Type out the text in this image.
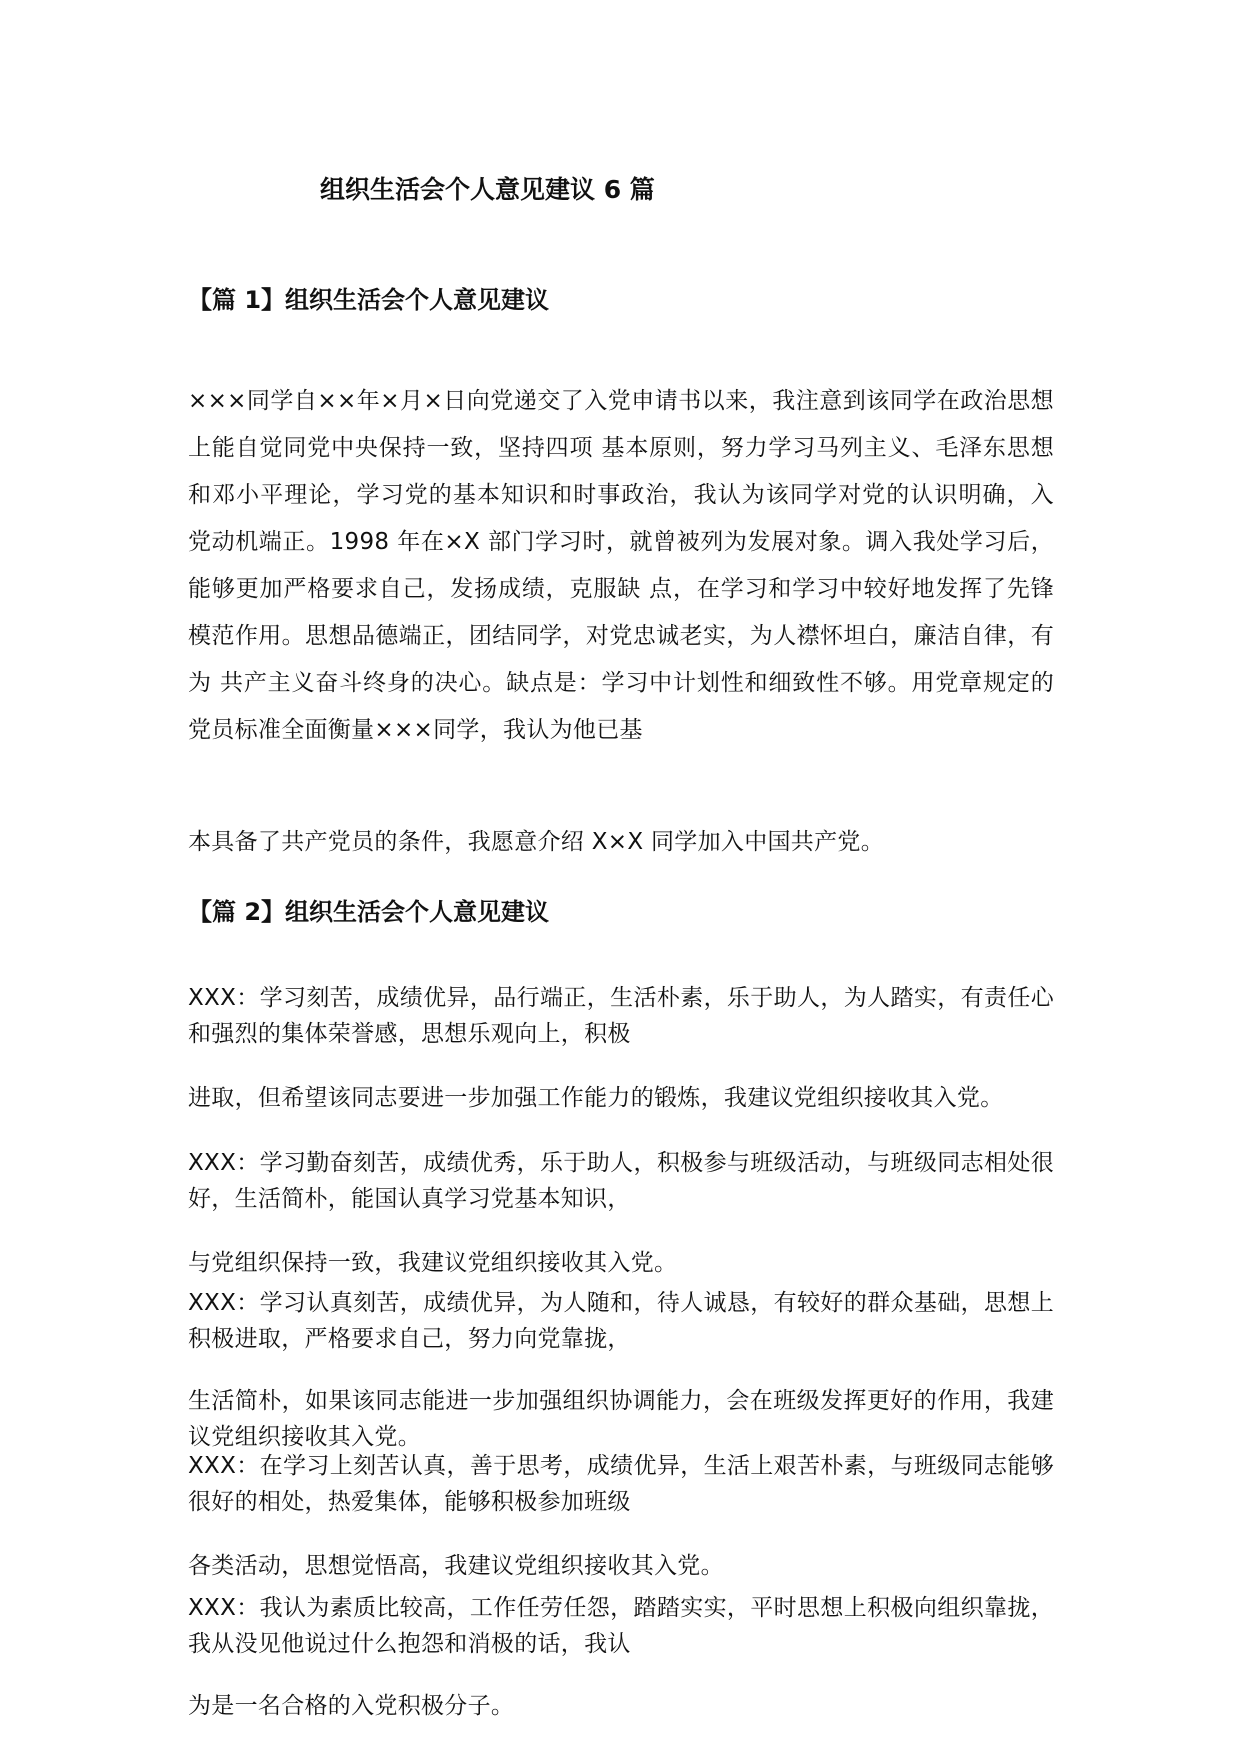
组织生活会个人意见建议 6 篇
【篇 1】组织生活会个人意见建议

×××同学自××年×月×日向党递交了入党申请书以来，我注意到该同学在政治思想上能自觉同党中央保持一致，坚持四项 基本原则，努力学习马列主义、毛泽东思想和邓小平理论，学习党的基本知识和时事政治，我认为该同学对党的认识明确，入 党动机端正。1998 年在×X 部门学习时，就曾被列为发展对象。调入我处学习后，能够更加严格要求自己，发扬成绩，克服缺 点，在学习和学习中较好地发挥了先锋模范作用。思想品德端正，团结同学，对党忠诚老实，为人襟怀坦白，廉洁自律，有为 共产主义奋斗终身的决心。缺点是：学习中计划性和细致性不够。用党章规定的党员标准全面衡量×××同学，我认为他已基

本具备了共产党员的条件，我愿意介绍 X×X 同学加入中国共产党。

【篇 2】组织生活会个人意见建议

XXX：学习刻苦，成绩优异，品行端正，生活朴素，乐于助人，为人踏实，有责任心和强烈的集体荣誉感，思想乐观向上，积极

进取，但希望该同志要进一步加强工作能力的锻炼，我建议党组织接收其入党。

XXX：学习勤奋刻苦，成绩优秀，乐于助人，积极参与班级活动，与班级同志相处很好，生活简朴，能国认真学习党基本知识，

与党组织保持一致，我建议党组织接收其入党。

XXX：学习认真刻苦，成绩优异，为人随和，待人诚恳，有较好的群众基础，思想上积极进取，严格要求自己，努力向党靠拢，

生活简朴，如果该同志能进一步加强组织协调能力，会在班级发挥更好的作用，我建议党组织接收其入党。

XXX：在学习上刻苦认真，善于思考，成绩优异，生活上艰苦朴素，与班级同志能够很好的相处，热爱集体，能够积极参加班级

各类活动，思想觉悟高，我建议党组织接收其入党。

XXX：我认为素质比较高，工作任劳任怨，踏踏实实，平时思想上积极向组织靠拢，我从没见他说过什么抱怨和消极的话，我认

为是一名合格的入党积极分子。
